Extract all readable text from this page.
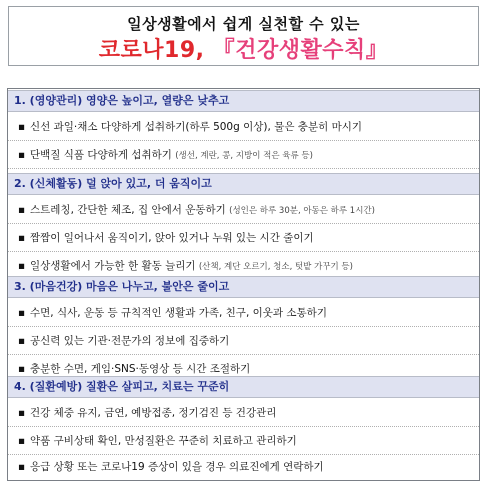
일상생활에서 쉽게 실천할 수 있는
코로나19, 『건강생활수칙』
1. (영양관리) 영양은 높이고, 열량은 낮추고
▪ 신선 과일·채소 다양하게 섭취하기(하루 500g 이상), 물은 충분히 마시기
▪ 단백질 식품 다양하게 섭취하기 (생선, 계란, 콩, 지방이 적은 육류 등)
2. (신체활동) 덜 앉아 있고, 더 움직이고
▪ 스트레칭, 간단한 체조, 집 안에서 운동하기 (성인은 하루 30분, 아동은 하루 1시간)
▪ 짬짬이 일어나서 움직이기, 앉아 있거나 누워 있는 시간 줄이기
▪ 일상생활에서 가능한 한 활동 늘리기 (산책, 계단 오르기, 청소, 텃밭 가꾸기 등)
3. (마음건강) 마음은 나누고, 불안은 줄이고
▪ 수면, 식사, 운동 등 규칙적인 생활과 가족, 친구, 이웃과 소통하기
▪ 공신력 있는 기관·전문가의 정보에 집중하기
▪ 충분한 수면, 게임·SNS·동영상 등 시간 조절하기
4. (질환예방) 질환은 살피고, 치료는 꾸준히
▪ 건강 체중 유지, 금연, 예방접종, 정기검진 등 건강관리
▪ 약품 구비상태 확인, 만성질환은 꾸준히 치료하고 관리하기
▪ 응급 상황 또는 코로나19 증상이 있을 경우 의료진에게 연락하기
